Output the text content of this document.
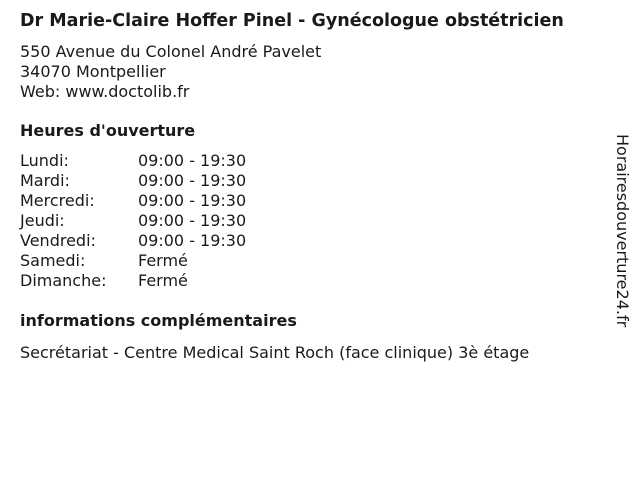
Dr Marie-Claire Hoffer Pinel - Gynécologue obstétricien
550 Avenue du Colonel André Pavelet
34070 Montpellier
Web: www.doctolib.fr
Heures d'ouverture
Lundi:	09:00 - 19:30
Mardi:	09:00 - 19:30
Mercredi:	09:00 - 19:30
Jeudi:	09:00 - 19:30
Vendredi:	09:00 - 19:30
Samedi:	Fermé
Dimanche:	Fermé
informations complémentaires
Secrétariat - Centre Medical Saint Roch (face clinique) 3è étage
Horairesdouverture24.fr
